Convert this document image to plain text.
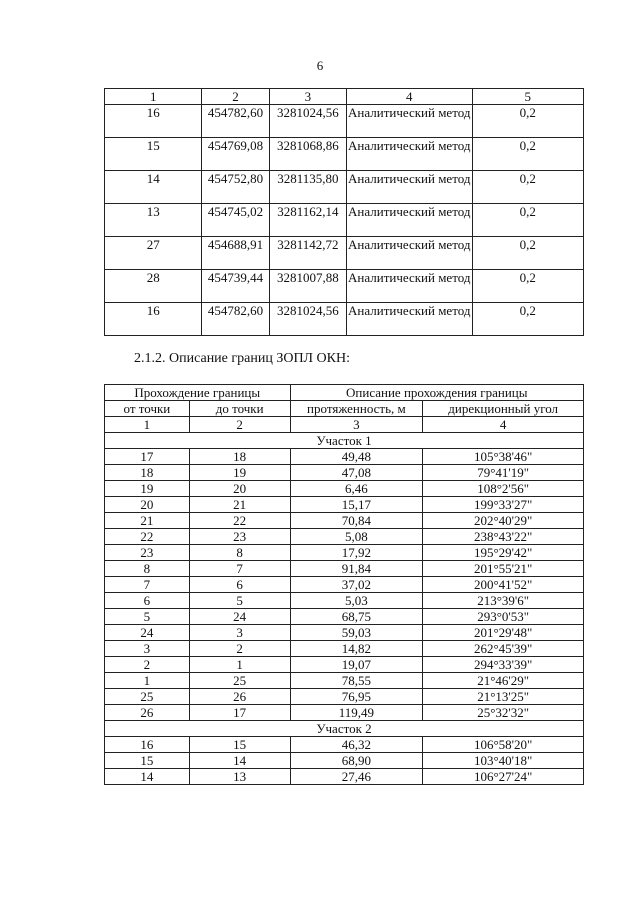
6
1	2	3	4	5
16	454782,60	3281024,56	Аналитический метод	0,2
15	454769,08	3281068,86	Аналитический метод	0,2
14	454752,80	3281135,80	Аналитический метод	0,2
13	454745,02	3281162,14	Аналитический метод	0,2
27	454688,91	3281142,72	Аналитический метод	0,2
28	454739,44	3281007,88	Аналитический метод	0,2
16	454782,60	3281024,56	Аналитический метод	0,2
2.1.2. Описание границ ЗОПЛ ОКН:
Прохождение границы		Описание прохождения границы	
от точки	до точки	протяженность, м	дирекционный угол
1	2	3	4
Участок 1			
17	18	49,48	105°38'46"
18	19	47,08	79°41'19"
19	20	6,46	108°2'56"
20	21	15,17	199°33'27"
21	22	70,84	202°40'29"
22	23	5,08	238°43'22"
23	8	17,92	195°29'42"
8	7	91,84	201°55'21"
7	6	37,02	200°41'52"
6	5	5,03	213°39'6"
5	24	68,75	293°0'53"
24	3	59,03	201°29'48"
3	2	14,82	262°45'39"
2	1	19,07	294°33'39"
1	25	78,55	21°46'29"
25	26	76,95	21°13'25"
26	17	119,49	25°32'32"
Участок 2			
16	15	46,32	106°58'20"
15	14	68,90	103°40'18"
14	13	27,46	106°27'24"
